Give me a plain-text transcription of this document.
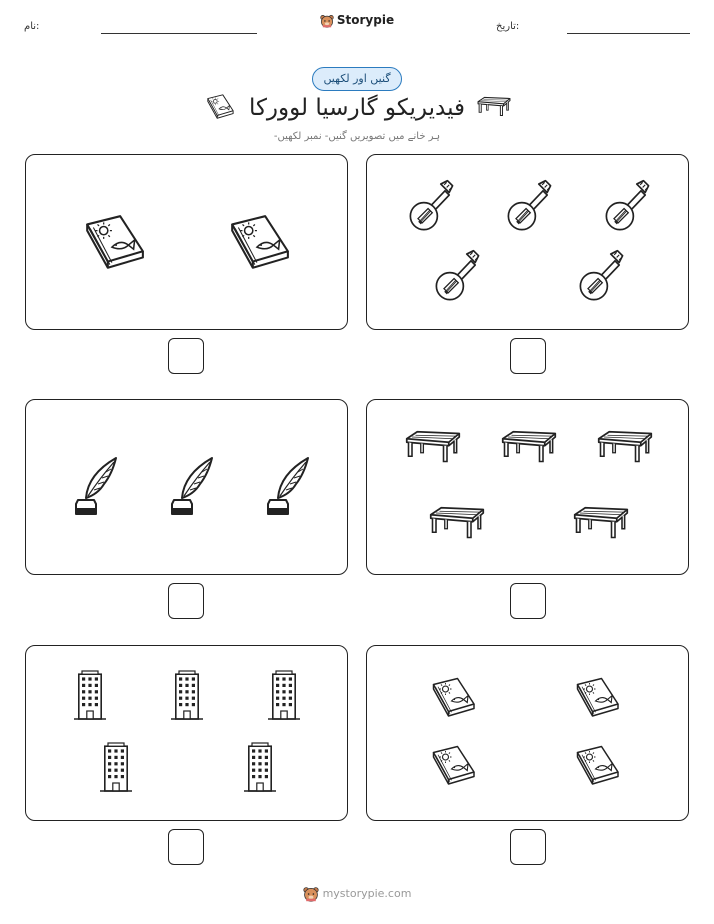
نام:	Storypie	تاریخ:
گنیں اور لکھیں
فیدیریکو گارسیا لوورکا
ہر خانے میں تصویریں گنیں- نمبر لکھیں-
mystorypie.com
